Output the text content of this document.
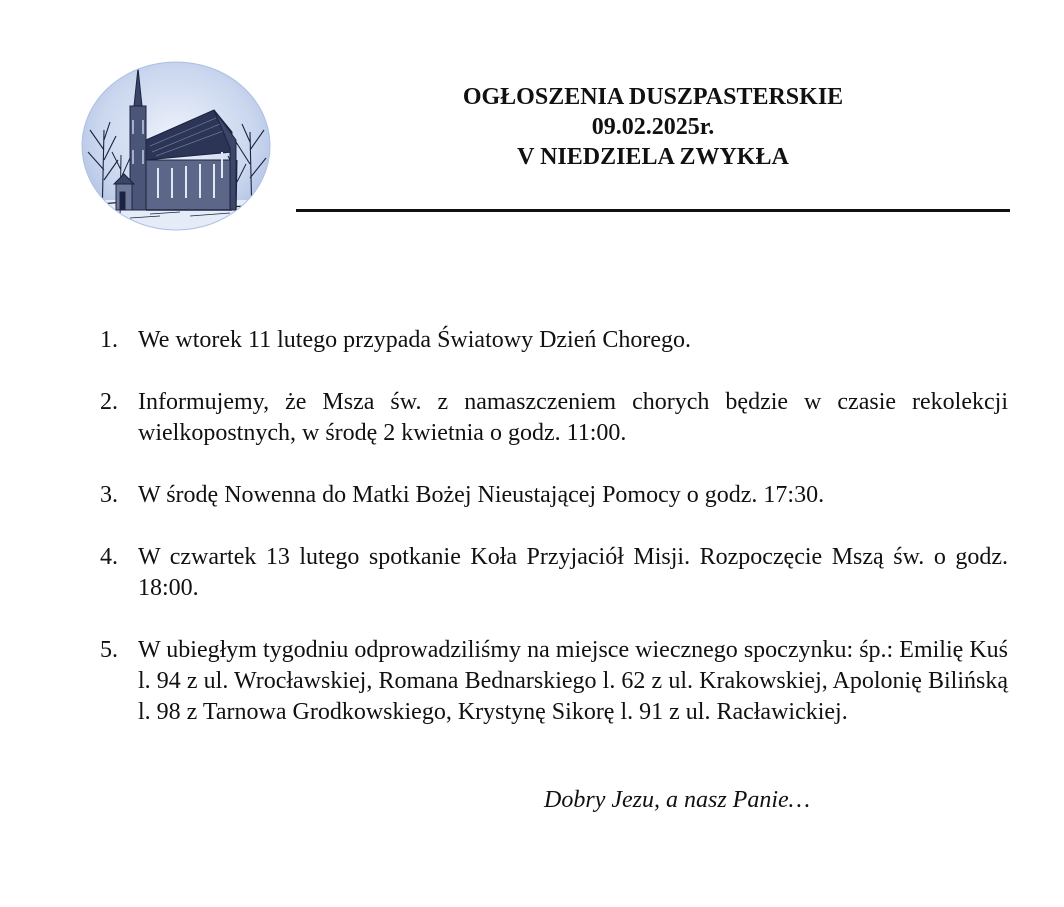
OGŁOSZENIA DUSZPASTERSKIE
09.02.2025r.
V NIEDZIELA ZWYKŁA
1. We wtorek 11 lutego przypada Światowy Dzień Chorego.
2. Informujemy, że Msza św. z namaszczeniem chorych będzie w czasie rekolekcji wielkopostnych, w środę 2 kwietnia o godz. 11:00.
3. W środę Nowenna do Matki Bożej Nieustającej Pomocy o godz. 17:30.
4. W czwartek 13 lutego spotkanie Koła Przyjaciół Misji. Rozpoczęcie Mszą św. o godz. 18:00.
5. W ubiegłym tygodniu odprowadziliśmy na miejsce wiecznego spoczynku: śp.: Emilię Kuś l. 94 z ul. Wrocławskiej, Romana Bednarskiego l. 62 z ul. Krakowskiej, Apolonię Bilińską l. 98 z Tarnowa Grodkowskiego, Krystynę Sikorę l. 91 z ul. Racławickiej.
Dobry Jezu, a nasz Panie…
